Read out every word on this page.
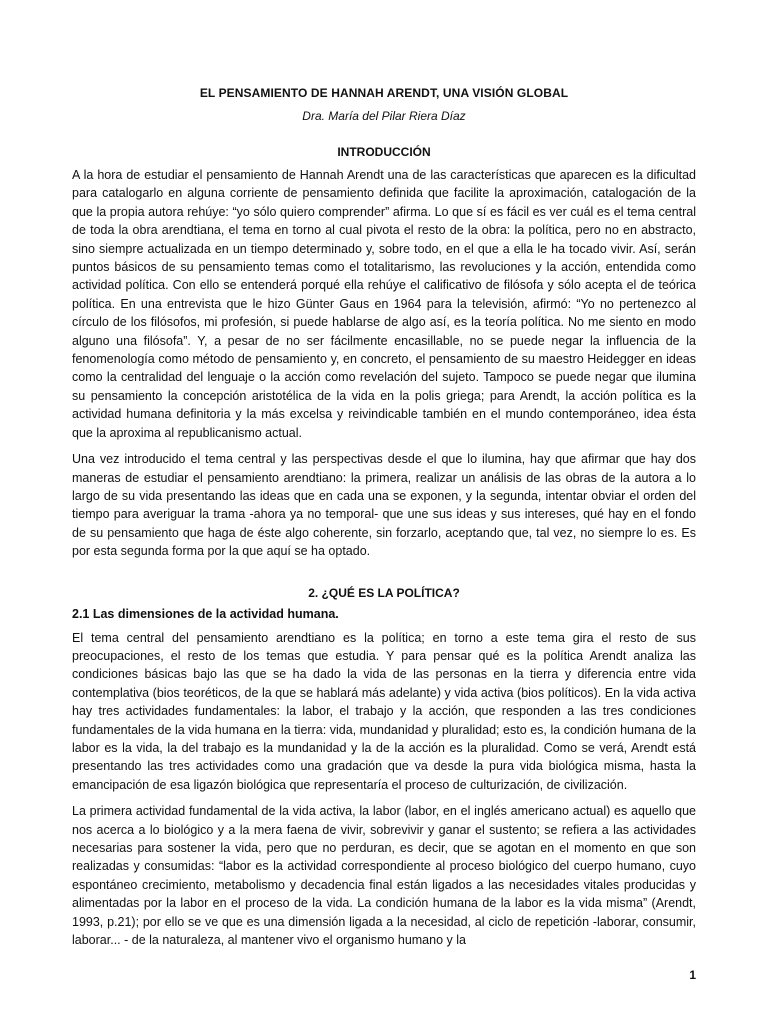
EL PENSAMIENTO DE HANNAH ARENDT, UNA VISIÓN GLOBAL
Dra. María del Pilar Riera Díaz
INTRODUCCIÓN

A la hora de estudiar el pensamiento de Hannah Arendt una de las características que aparecen es la dificultad para catalogarlo en alguna corriente de pensamiento definida que facilite la aproximación, catalogación de la que la propia autora rehúye: “yo sólo quiero comprender” afirma. Lo que sí es fácil es ver cuál es el tema central de toda la obra arendtiana, el tema en torno al cual pivota el resto de la obra: la política, pero no en abstracto, sino siempre actualizada en un tiempo determinado y, sobre todo, en el que a ella le ha tocado vivir. Así, serán puntos básicos de su pensamiento temas como el totalitarismo, las revoluciones y la acción, entendida como actividad política. Con ello se entenderá porqué ella rehúye el calificativo de filósofa y sólo acepta el de teórica política. En una entrevista que le hizo Günter Gaus en 1964 para la televisión, afirmó: “Yo no pertenezco al círculo de los filósofos, mi profesión, si puede hablarse de algo así, es la teoría política. No me siento en modo alguno una filósofa”. Y, a pesar de no ser fácilmente encasillable, no se puede negar la influencia de la fenomenología como método de pensamiento y, en concreto, el pensamiento de su maestro Heidegger en ideas como la centralidad del lenguaje o la acción como revelación del sujeto. Tampoco se puede negar que ilumina su pensamiento la concepción aristotélica de la vida en la polis griega; para Arendt, la acción política es la actividad humana definitoria y la más excelsa y reivindicable también en el mundo contemporáneo, idea ésta que la aproxima al republicanismo actual.

Una vez introducido el tema central y las perspectivas desde el que lo ilumina, hay que afirmar que hay dos maneras de estudiar el pensamiento arendtiano: la primera, realizar un análisis de las obras de la autora a lo largo de su vida presentando las ideas que en cada una se exponen, y la segunda, intentar obviar el orden del tiempo para averiguar la trama -ahora ya no temporal- que une sus ideas y sus intereses, qué hay en el fondo de su pensamiento que haga de éste algo coherente, sin forzarlo, aceptando que, tal vez, no siempre lo es. Es por esta segunda forma por la que aquí se ha optado.

2. ¿QUÉ ES LA POLÍTICA?
2.1 Las dimensiones de la actividad humana.

El tema central del pensamiento arendtiano es la política; en torno a este tema gira el resto de sus preocupaciones, el resto de los temas que estudia. Y para pensar qué es la política Arendt analiza las condiciones básicas bajo las que se ha dado la vida de las personas en la tierra y diferencia entre vida contemplativa (bios teoréticos, de la que se hablará más adelante) y vida activa (bios políticos). En la vida activa hay tres actividades fundamentales: la labor, el trabajo y la acción, que responden a las tres condiciones fundamentales de la vida humana en la tierra: vida, mundanidad y pluralidad; esto es, la condición humana de la labor es la vida, la del trabajo es la mundanidad y la de la acción es la pluralidad. Como se verá, Arendt está presentando las tres actividades como una gradación que va desde la pura vida biológica misma, hasta la emancipación de esa ligazón biológica que representaría el proceso de culturización, de civilización.

La primera actividad fundamental de la vida activa, la labor (labor, en el inglés americano actual) es aquello que nos acerca a lo biológico y a la mera faena de vivir, sobrevivir y ganar el sustento; se refiera a las actividades necesarias para sostener la vida, pero que no perduran, es decir, que se agotan en el momento en que son realizadas y consumidas: “labor es la actividad correspondiente al proceso biológico del cuerpo humano, cuyo espontáneo crecimiento, metabolismo y decadencia final están ligados a las necesidades vitales producidas y alimentadas por la labor en el proceso de la vida. La condición humana de la labor es la vida misma” (Arendt, 1993, p.21); por ello se ve que es una dimensión ligada a la necesidad, al ciclo de repetición -laborar, consumir, laborar... - de la naturaleza, al mantener vivo el organismo humano y la

1
